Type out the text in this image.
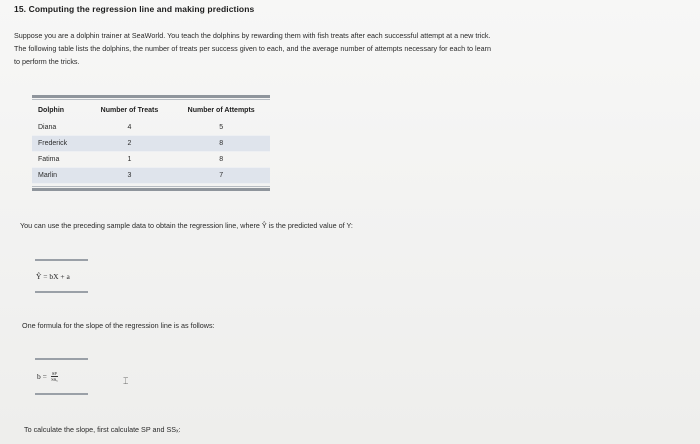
15. Computing the regression line and making predictions

Suppose you are a dolphin trainer at SeaWorld. You teach the dolphins by rewarding them with fish treats after each successful attempt at a new trick.

The following table lists the dolphins, the number of treats per success given to each, and the average number of attempts necessary for each to learn

to perform the tricks.

Dolphin	Number of Treats	Number of Attempts
Diana	4	5
Frederick	2	8
Fatima	1	8
Marlin	3	7
You can use the preceding sample data to obtain the regression line, where Ŷ is the predicted value of Y:
Ŷ = bX + a
One formula for the slope of the regression line is as follows:
$b = \frac{SP}{\text{SSₓ}}$	⌶
To calculate the slope, first calculate SP and SSₓ:
